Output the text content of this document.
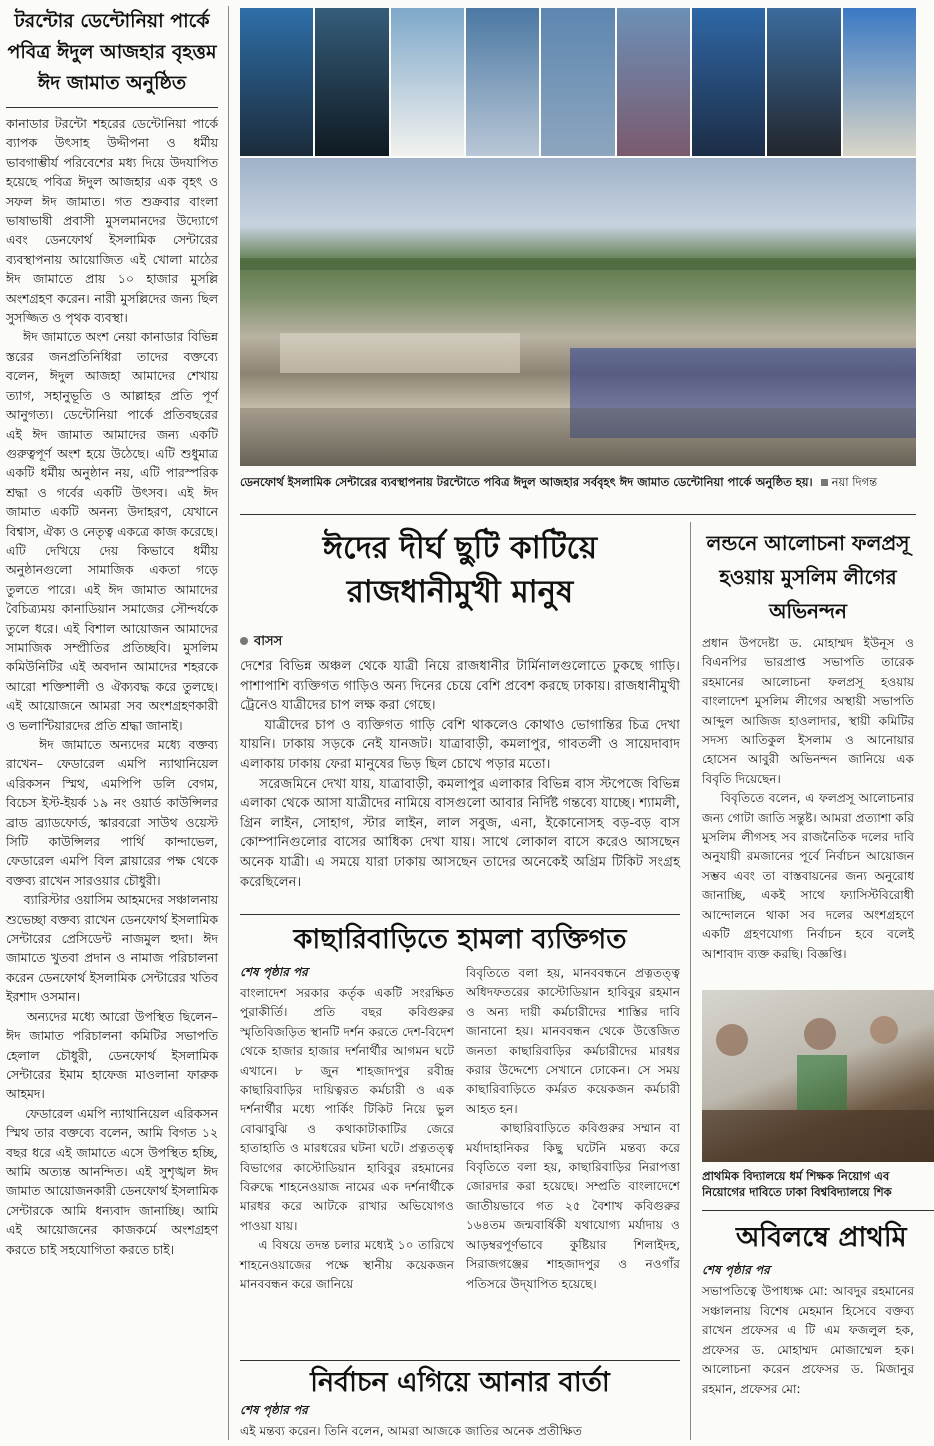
টরন্টোর ডেন্টোনিয়া পার্কে পবিত্র ঈদুল আজহার বৃহত্তম ঈদ জামাত অনুষ্ঠিত

কানাডার টরন্টো শহরের ডেন্টোনিয়া পার্কে ব্যাপক উৎসাহ উদ্দীপনা ও ধর্মীয় ভাবগাম্ভীর্য পরিবেশের মধ্য দিয়ে উদযাপিত হয়েছে পবিত্র ঈদুল আজহার এক বৃহৎ ও সফল ঈদ জামাত। গত শুক্রবার বাংলা ভাষাভাষী প্রবাসী মুসলমানদের উদ্যোগে এবং ডেনফোর্থ ইসলামিক সেন্টারের ব্যবস্থাপনায় আয়োজিত এই খোলা মাঠের ঈদ জামাতে প্রায় ১০ হাজার মুসল্লি অংশগ্রহণ করেন। নারী মুসল্লিদের জন্য ছিল সুসজ্জিত ও পৃথক ব্যবস্থা।
ঈদ জামাতে অংশ নেয়া কানাডার বিভিন্ন স্তরের জনপ্রতিনিধিরা তাদের বক্তব্যে বলেন, ঈদুল আজহা আমাদের শেখায় ত্যাগ, সহানুভূতি ও আল্লাহর প্রতি পূর্ণ আনুগত্য। ডেন্টোনিয়া পার্কে প্রতিবছরের এই ঈদ জামাত আমাদের জন্য একটি গুরুত্বপূর্ণ অংশ হয়ে উঠেছে। এটি শুধুমাত্র একটি ধর্মীয় অনুষ্ঠান নয়, এটি পারস্পরিক শ্রদ্ধা ও গর্বের একটি উৎসব। এই ঈদ জামাত একটি অনন্য উদাহরণ, যেখানে বিশ্বাস, ঐক্য ও নেতৃত্ব একত্রে কাজ করেছে। এটি দেখিয়ে দেয় কিভাবে ধর্মীয় অনুষ্ঠানগুলো সামাজিক একতা গড়ে তুলতে পারে। এই ঈদ জামাত আমাদের বৈচিত্র্যময় কানাডিয়ান সমাজের সৌন্দর্যকে তুলে ধরে। এই বিশাল আয়োজন আমাদের সামাজিক সম্প্রীতির প্রতিচ্ছবি। মুসলিম কমিউনিটির এই অবদান আমাদের শহরকে আরো শক্তিশালী ও ঐক্যবদ্ধ করে তুলছে। এই আয়োজনে আমরা সব অংশগ্রহণকারী ও ভলান্টিয়ারদের প্রতি শ্রদ্ধা জানাই।
ঈদ জামাতে অন্যদের মধ্যে বক্তব্য রাখেন– ফেডারেল এমপি ন্যাথানিয়েল এরিকসন স্মিথ, এমপিপি ডলি বেগম, বিচেস ইস্ট-ইয়র্ক ১৯ নং ওয়ার্ড কাউন্সিলর ব্রাড ব্র্যাডফোর্ড, স্কারবরো সাউথ ওয়েস্ট সিটি কাউন্সিলর পার্থি কান্দাভেল, ফেডারেল এমপি বিল ব্লায়ারের পক্ষ থেকে বক্তব্য রাখেন সারওয়ার চৌধুরী।
ব্যারিস্টার ওয়াসিম আহমদের সঞ্চালনায় শুভেচ্ছা বক্তব্য রাখেন ডেনফোর্থ ইসলামিক সেন্টারের প্রেসিডেন্ট নাজমুল হুদা। ঈদ জামাতে খুতবা প্রদান ও নামাজ পরিচালনা করেন ডেনফোর্থ ইসলামিক সেন্টারের খতিব ইরশাদ ওসমান।
অন্যদের মধ্যে আরো উপস্থিত ছিলেন– ঈদ জামাত পরিচালনা কমিটির সভাপতি হেলাল চৌধুরী, ডেনফোর্থ ইসলামিক সেন্টারের ইমাম হাফেজ মাওলানা ফারুক আহমদ।
ফেডারেল এমপি ন্যাথানিয়েল এরিকসন স্মিথ তার বক্তব্যে বলেন, আমি বিগত ১২ বছর ধরে এই জামাতে এসে উপস্থিত হচ্ছি, আমি অত্যন্ত আনন্দিত। এই সুশৃঙ্খল ঈদ জামাত আয়োজনকারী ডেনফোর্থ ইসলামিক সেন্টারকে আমি ধন্যবাদ জানাচ্ছি। আমি এই আয়োজনের কাজকর্মে অংশগ্রহণ করতে চাই সহযোগিতা করতে চাই।

ডেনফোর্থ ইসলামিক সেন্টারের ব্যবস্থাপনায় টরন্টোতে পবিত্র ঈদুল আজহার সর্ববৃহৎ ঈদ জামাত ডেন্টোনিয়া পার্কে অনুষ্ঠিত হয়। নয়া দিগন্ত

ঈদের দীর্ঘ ছুটি কাটিয়ে
রাজধানীমুখী মানুষ
বাসস

দেশের বিভিন্ন অঞ্চল থেকে যাত্রী নিয়ে রাজধানীর টার্মিনালগুলোতে ঢুকছে গাড়ি। পাশাপাশি ব্যক্তিগত গাড়িও অন্য দিনের চেয়ে বেশি প্রবেশ করছে ঢাকায়। রাজধানীমুখী ট্রেনেও যাত্রীদের চাপ লক্ষ করা গেছে।
যাত্রীদের চাপ ও ব্যক্তিগত গাড়ি বেশি থাকলেও কোথাও ভোগান্তির চিত্র দেখা যায়নি। ঢাকায় সড়কে নেই যানজট। যাত্রাবাড়ী, কমলাপুর, গাবতলী ও সায়েদাবাদ এলাকায় ঢাকায় ফেরা মানুষের ভিড় ছিল চোখে পড়ার মতো।
সরেজমিনে দেখা যায়, যাত্রাবাড়ী, কমলাপুর এলাকার বিভিন্ন বাস স্টপেজে বিভিন্ন এলাকা থেকে আসা যাত্রীদের নামিয়ে বাসগুলো আবার নির্দিষ্ট গন্তব্যে যাচ্ছে। শ্যামলী, গ্রিন লাইন, সোহাগ, স্টার লাইন, লাল সবুজ, এনা, ইকোনোসহ বড়-বড় বাস কোম্পানিগুলোর বাসের আধিক্য দেখা যায়। সাথে লোকাল বাসে করেও আসছেন অনেক যাত্রী। এ সময়ে যারা ঢাকায় আসছেন তাদের অনেকেই অগ্রিম টিকিট সংগ্রহ করেছিলেন।

কাছারিবাড়িতে হামলা ব্যক্তিগত
শেষ পৃষ্ঠার পর

বাংলাদেশ সরকার কর্তৃক একটি সংরক্ষিত পুরাকীর্তি। প্রতি বছর কবিগুরুর স্মৃতিবিজড়িত স্থানটি দর্শন করতে দেশ-বিদেশ থেকে হাজার হাজার দর্শনার্থীর আগমন ঘটে এখানে। ৮ জুন শাহজাদপুর রবীন্দ্র কাছারিবাড়ির দায়িত্বরত কর্মচারী ও এক দর্শনার্থীর মধ্যে পার্কিং টিকিট নিয়ে ভুল বোঝাবুঝি ও কথাকাটাকাটির জেরে হাতাহাতি ও মারধরের ঘটনা ঘটে। প্রত্নতত্ত্ব বিভাগের কাস্টোডিয়ান হাবিবুর রহমানের বিরুদ্ধে শাহনেওয়াজ নামের এক দর্শনার্থীকে মারধর করে আটকে রাখার অভিযোগও পাওয়া যায়।
এ বিষয়ে তদন্ত চলার মধ্যেই ১০ তারিখে শাহনেওয়াজের পক্ষে স্থানীয় কয়েকজন মানববন্ধন করে জানিয়ে

বিবৃতিতে বলা হয়, মানববন্ধনে প্রত্নতত্ত্ব অধিদফতরের কাস্টোডিয়ান হাবিবুর রহমান ও অন্য দায়ী কর্মচারীদের শাস্তির দাবি জানানো হয়। মানববন্ধন থেকে উত্তেজিত জনতা কাছারিবাড়ির কর্মচারীদের মারধর করার উদ্দেশ্যে সেখানে ঢোকেন। সে সময় কাছারিবাড়িতে কর্মরত কয়েকজন কর্মচারী আহত হন।
কাছারিবাড়িতে কবিগুরুর সম্মান বা মর্যাদাহানিকর কিছু ঘটেনি মন্তব্য করে বিবৃতিতে বলা হয়, কাছারিবাড়ির নিরাপত্তা জোরদার করা হয়েছে। সম্প্রতি বাংলাদেশে জাতীয়ভাবে গত ২৫ বৈশাখ কবিগুরুর ১৬৪তম জন্মবার্ষিকী যথাযোগ্য মর্যাদায় ও আড়ম্বরপূর্ণভাবে কুষ্টিয়ার শিলাইদহ, সিরাজগঞ্জের শাহজাদপুর ও নওগাঁর পতিসরে উদ্‌যাপিত হয়েছে।

নির্বাচন এগিয়ে আনার বার্তা
শেষ পৃষ্ঠার পর

এই মন্তব্য করেন। তিনি বলেন, আমরা আজকে জাতির অনেক প্রতীক্ষিত

লন্ডনে আলোচনা ফলপ্রসূ হওয়ায় মুসলিম লীগের অভিনন্দন

প্রধান উপদেষ্টা ড. মোহাম্মদ ইউনূস ও বিএনপির ভারপ্রাপ্ত সভাপতি তারেক রহমানের আলোচনা ফলপ্রসূ হওয়ায় বাংলাদেশ মুসলিম লীগের অস্থায়ী সভাপতি আব্দুল আজিজ হাওলাদার, স্থায়ী কমিটির সদস্য আতিকুল ইসলাম ও আনোয়ার হোসেন আবুরী অভিনন্দন জানিয়ে এক বিবৃতি দিয়েছেন।
বিবৃতিতে বলেন, এ ফলপ্রসূ আলোচনার জন্য গোটা জাতি সন্তুষ্ট। আমরা প্রত্যাশা করি মুসলিম লীগসহ সব রাজনৈতিক দলের দাবি অনুযায়ী রমজানের পূর্বে নির্বাচন আয়োজন সম্ভব এবং তা বাস্তবায়নের জন্য অনুরোধ জানাচ্ছি, একই সাথে ফ্যাসিস্টবিরোধী আন্দোলনে থাকা সব দলের অংশগ্রহণে একটি গ্রহণযোগ্য নির্বাচন হবে বলেই আশাবাদ ব্যক্ত করছি। বিজ্ঞপ্তি।

প্রাথমিক বিদ্যালয়ে ধর্ম শিক্ষক নিয়োগ এব

নিয়োগের দাবিতে ঢাকা বিশ্ববিদ্যালয়ে শিক

অবিলম্বে প্রাথমি
শেষ পৃষ্ঠার পর

সভাপতিত্বে উপাধ্যক্ষ মো: আবদুর রহমানের সঞ্চালনায় বিশেষ মেহমান হিসেবে বক্তব্য রাখেন প্রফেসর এ টি এম ফজলুল হক, প্রফেসর ড. মোহাম্মদ মোজাম্মেল হক। আলোচনা করেন প্রফেসর ড. মিজানুর রহমান, প্রফেসর মো:
